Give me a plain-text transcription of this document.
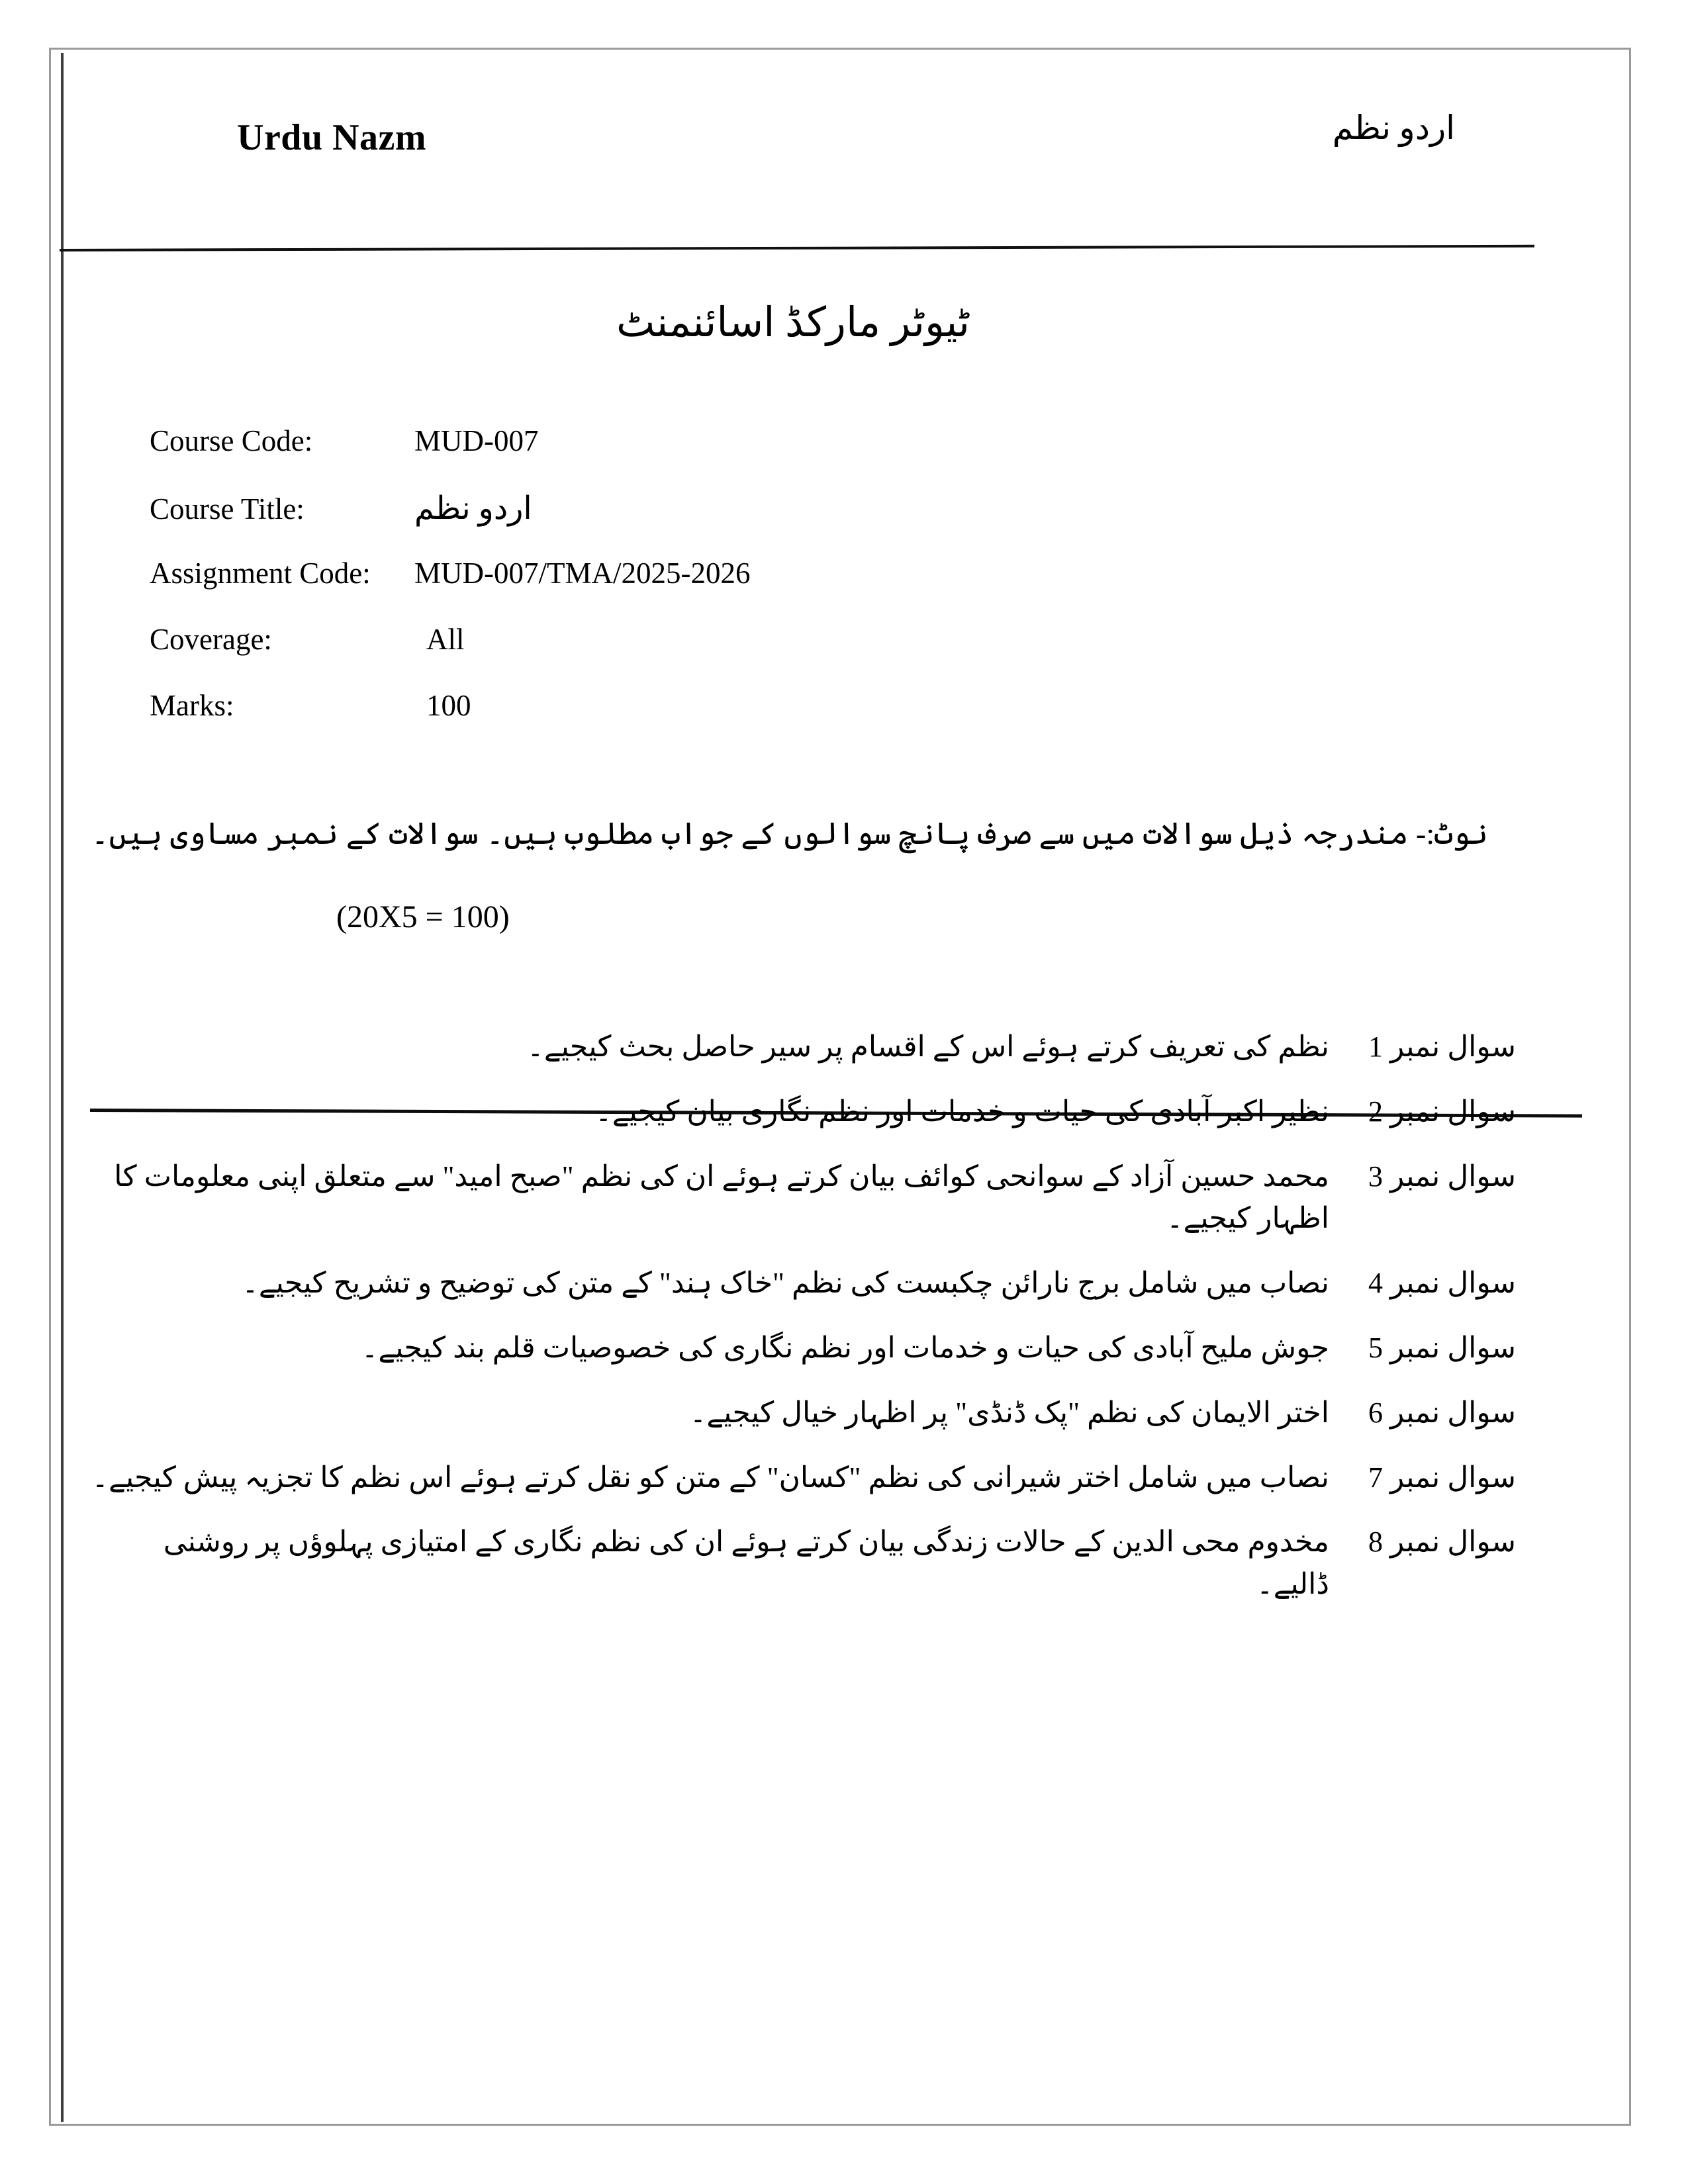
Urdu Nazm	اردو نظم
ٹیوٹر مارکڈ اسائنمنٹ
Course Code:	MUD-007
Course Title:	اردو نظم
Assignment Code:	MUD-007/TMA/2025-2026
Coverage:	All
Marks:	100
نوٹ:- مندرجہ ذیل سوالات میں سے صرف پانچ سوالوں کے جواب مطلوب ہیں۔ سوالات کے نمبر مساوی ہیں۔
(20X5 = 100)
سوال نمبر 1
نظم کی تعریف کرتے ہوئے اس کے اقسام پر سیر حاصل بحث کیجیے۔
سوال نمبر 2
نظیر اکبر آبادی کی حیات و خدمات اور نظم نگاری بیان کیجیے۔
سوال نمبر 3
محمد حسین آزاد کے سوانحی کوائف بیان کرتے ہوئے ان کی نظم "صبح امید" سے متعلق اپنی معلومات کا اظہار کیجیے۔
سوال نمبر 4
نصاب میں شامل برج نارائن چکبست کی نظم "خاک ہند" کے متن کی توضیح و تشریح کیجیے۔
سوال نمبر 5
جوش ملیح آبادی کی حیات و خدمات اور نظم نگاری کی خصوصیات قلم بند کیجیے۔
سوال نمبر 6
اختر الایمان کی نظم "پک ڈنڈی" پر اظہار خیال کیجیے۔
سوال نمبر 7
نصاب میں شامل اختر شیرانی کی نظم "کسان" کے متن کو نقل کرتے ہوئے اس نظم کا تجزیہ پیش کیجیے۔
سوال نمبر 8
مخدوم محی الدین کے حالات زندگی بیان کرتے ہوئے ان کی نظم نگاری کے امتیازی پہلوؤں پر روشنی ڈالیے۔
